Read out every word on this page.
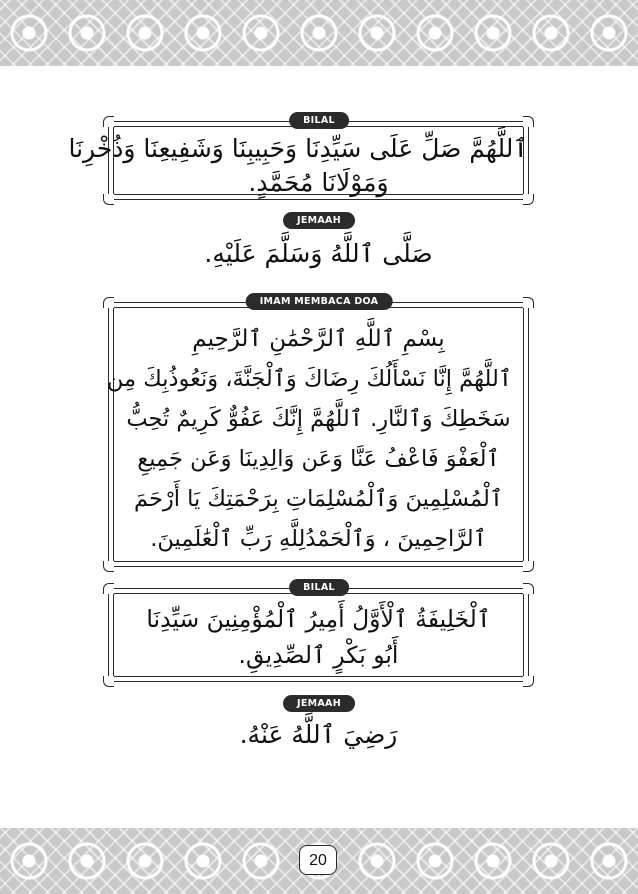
BILAL
ٱللَّهُمَّ صَلِّ عَلَى سَيِّدِنَا وَحَبِيبِنَا وَشَفِيعِنَا وَذُخْرِنَا
وَمَوْلَانَا مُحَمَّدٍ.
JEMAAH
صَلَّى ٱللَّهُ وَسَلَّمَ عَلَيْهِ.
IMAM MEMBACA DOA
بِسْمِ ٱللَّهِ ٱلرَّحْمَٰنِ ٱلرَّحِيمِ
ٱللَّهُمَّ إِنَّا نَسْأَلُكَ رِضَاكَ وَٱلْجَنَّةَ، وَنَعُوذُبِكَ مِن
سَخَطِكَ وَٱلنَّارِ. ٱللَّهُمَّ إِنَّكَ عَفُوٌّ كَرِيمٌ تُحِبُّ
ٱلْعَفْوَ فَاعْفُ عَنَّا وَعَن وَالِدِينَا وَعَن جَمِيعِ
ٱلْمُسْلِمِينَ وَٱلْمُسْلِمَاتِ بِرَحْمَتِكَ يَا أَرْحَمَ
ٱلرَّاحِمِينَ ، وَٱلْحَمْدُلِلَّهِ رَبِّ ٱلْعَٰلَمِينَ.
BILAL
ٱلْخَلِيفَةُ ٱلْأَوَّلُ أَمِيرُ ٱلْمُؤْمِنِينَ سَيِّدِنَا
أَبُو بَكْرٍ ٱلصِّدِيقِ.
JEMAAH
رَضِيَ ٱللَّهُ عَنْهُ.
20
